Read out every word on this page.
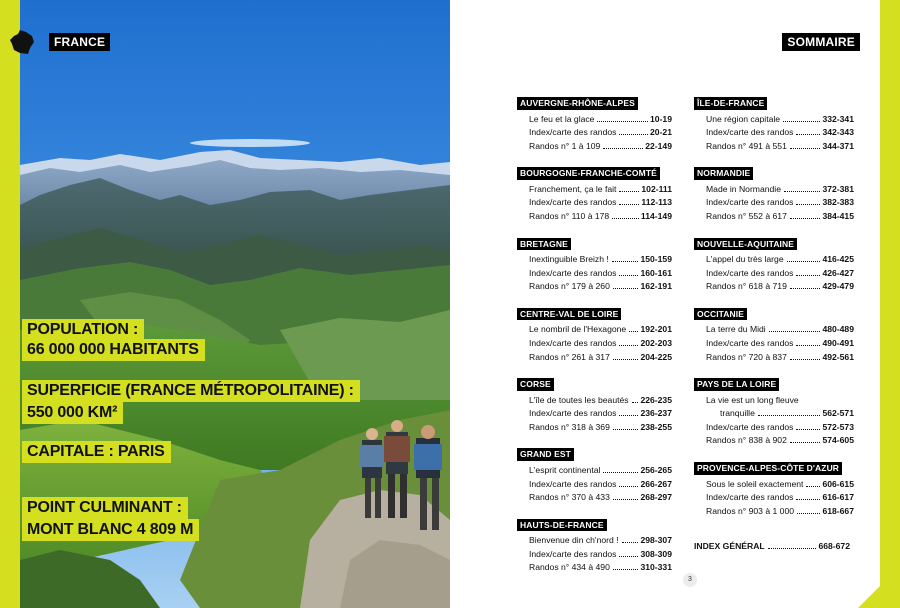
FRANCE
POPULATION :
66 000 000 HABITANTS
SUPERFICIE (FRANCE MÉTROPOLITAINE) :
550 000 KM²
CAPITALE : PARIS
POINT CULMINANT :
MONT BLANC 4 809 M
SOMMAIRE
AUVERGNE-RHÔNE-ALPES
Le feu et la glace	10-19
Index/carte des randos	20-21
Randos n° 1 à 109	22-149
BOURGOGNE-FRANCHE-COMTÉ
Franchement, ça le fait	102-111
Index/carte des randos	112-113
Randos n° 110 à 178	114-149
BRETAGNE
Inextinguible Breizh !	150-159
Index/carte des randos	160-161
Randos n° 179 à 260	162-191
CENTRE-VAL DE LOIRE
Le nombril de l'Hexagone 192-201
Index/carte des randos	202-203
Randos n° 261 à 317	204-225
CORSE
L'île de toutes les beautés 226-235
Index/carte des randos	236-237
Randos n° 318 à 369	238-255
GRAND EST
L'esprit continental	256-265
Index/carte des randos	266-267
Randos n° 370 à 433	268-297
HAUTS-DE-FRANCE
Bienvenue din ch'nord !	298-307
Index/carte des randos	308-309
Randos n° 434 à 490	310-331
ÎLE-DE-FRANCE
Une région capitale	332-341
Index/carte des randos	342-343
Randos n° 491 à 551	344-371
NORMANDIE
Made in Normandie	372-381
Index/carte des randos	382-383
Randos n° 552 à 617	384-415
NOUVELLE-AQUITAINE
L'appel du très large	416-425
Index/carte des randos	426-427
Randos n° 618 à 719	429-479
OCCITANIE
La terre du Midi	480-489
Index/carte des randos	490-491
Randos n° 720 à 837	492-561
PAYS DE LA LOIRE
La vie est un long fleuve
tranquille	562-571
Index/carte des randos	572-573
Randos n° 838 à 902	574-605
PROVENCE-ALPES-CÔTE D'AZUR
Sous le soleil exactement 606-615
Index/carte des randos	616-617
Randos n° 903 à 1 000	618-667
INDEX GÉNÉRAL	668-672
3
